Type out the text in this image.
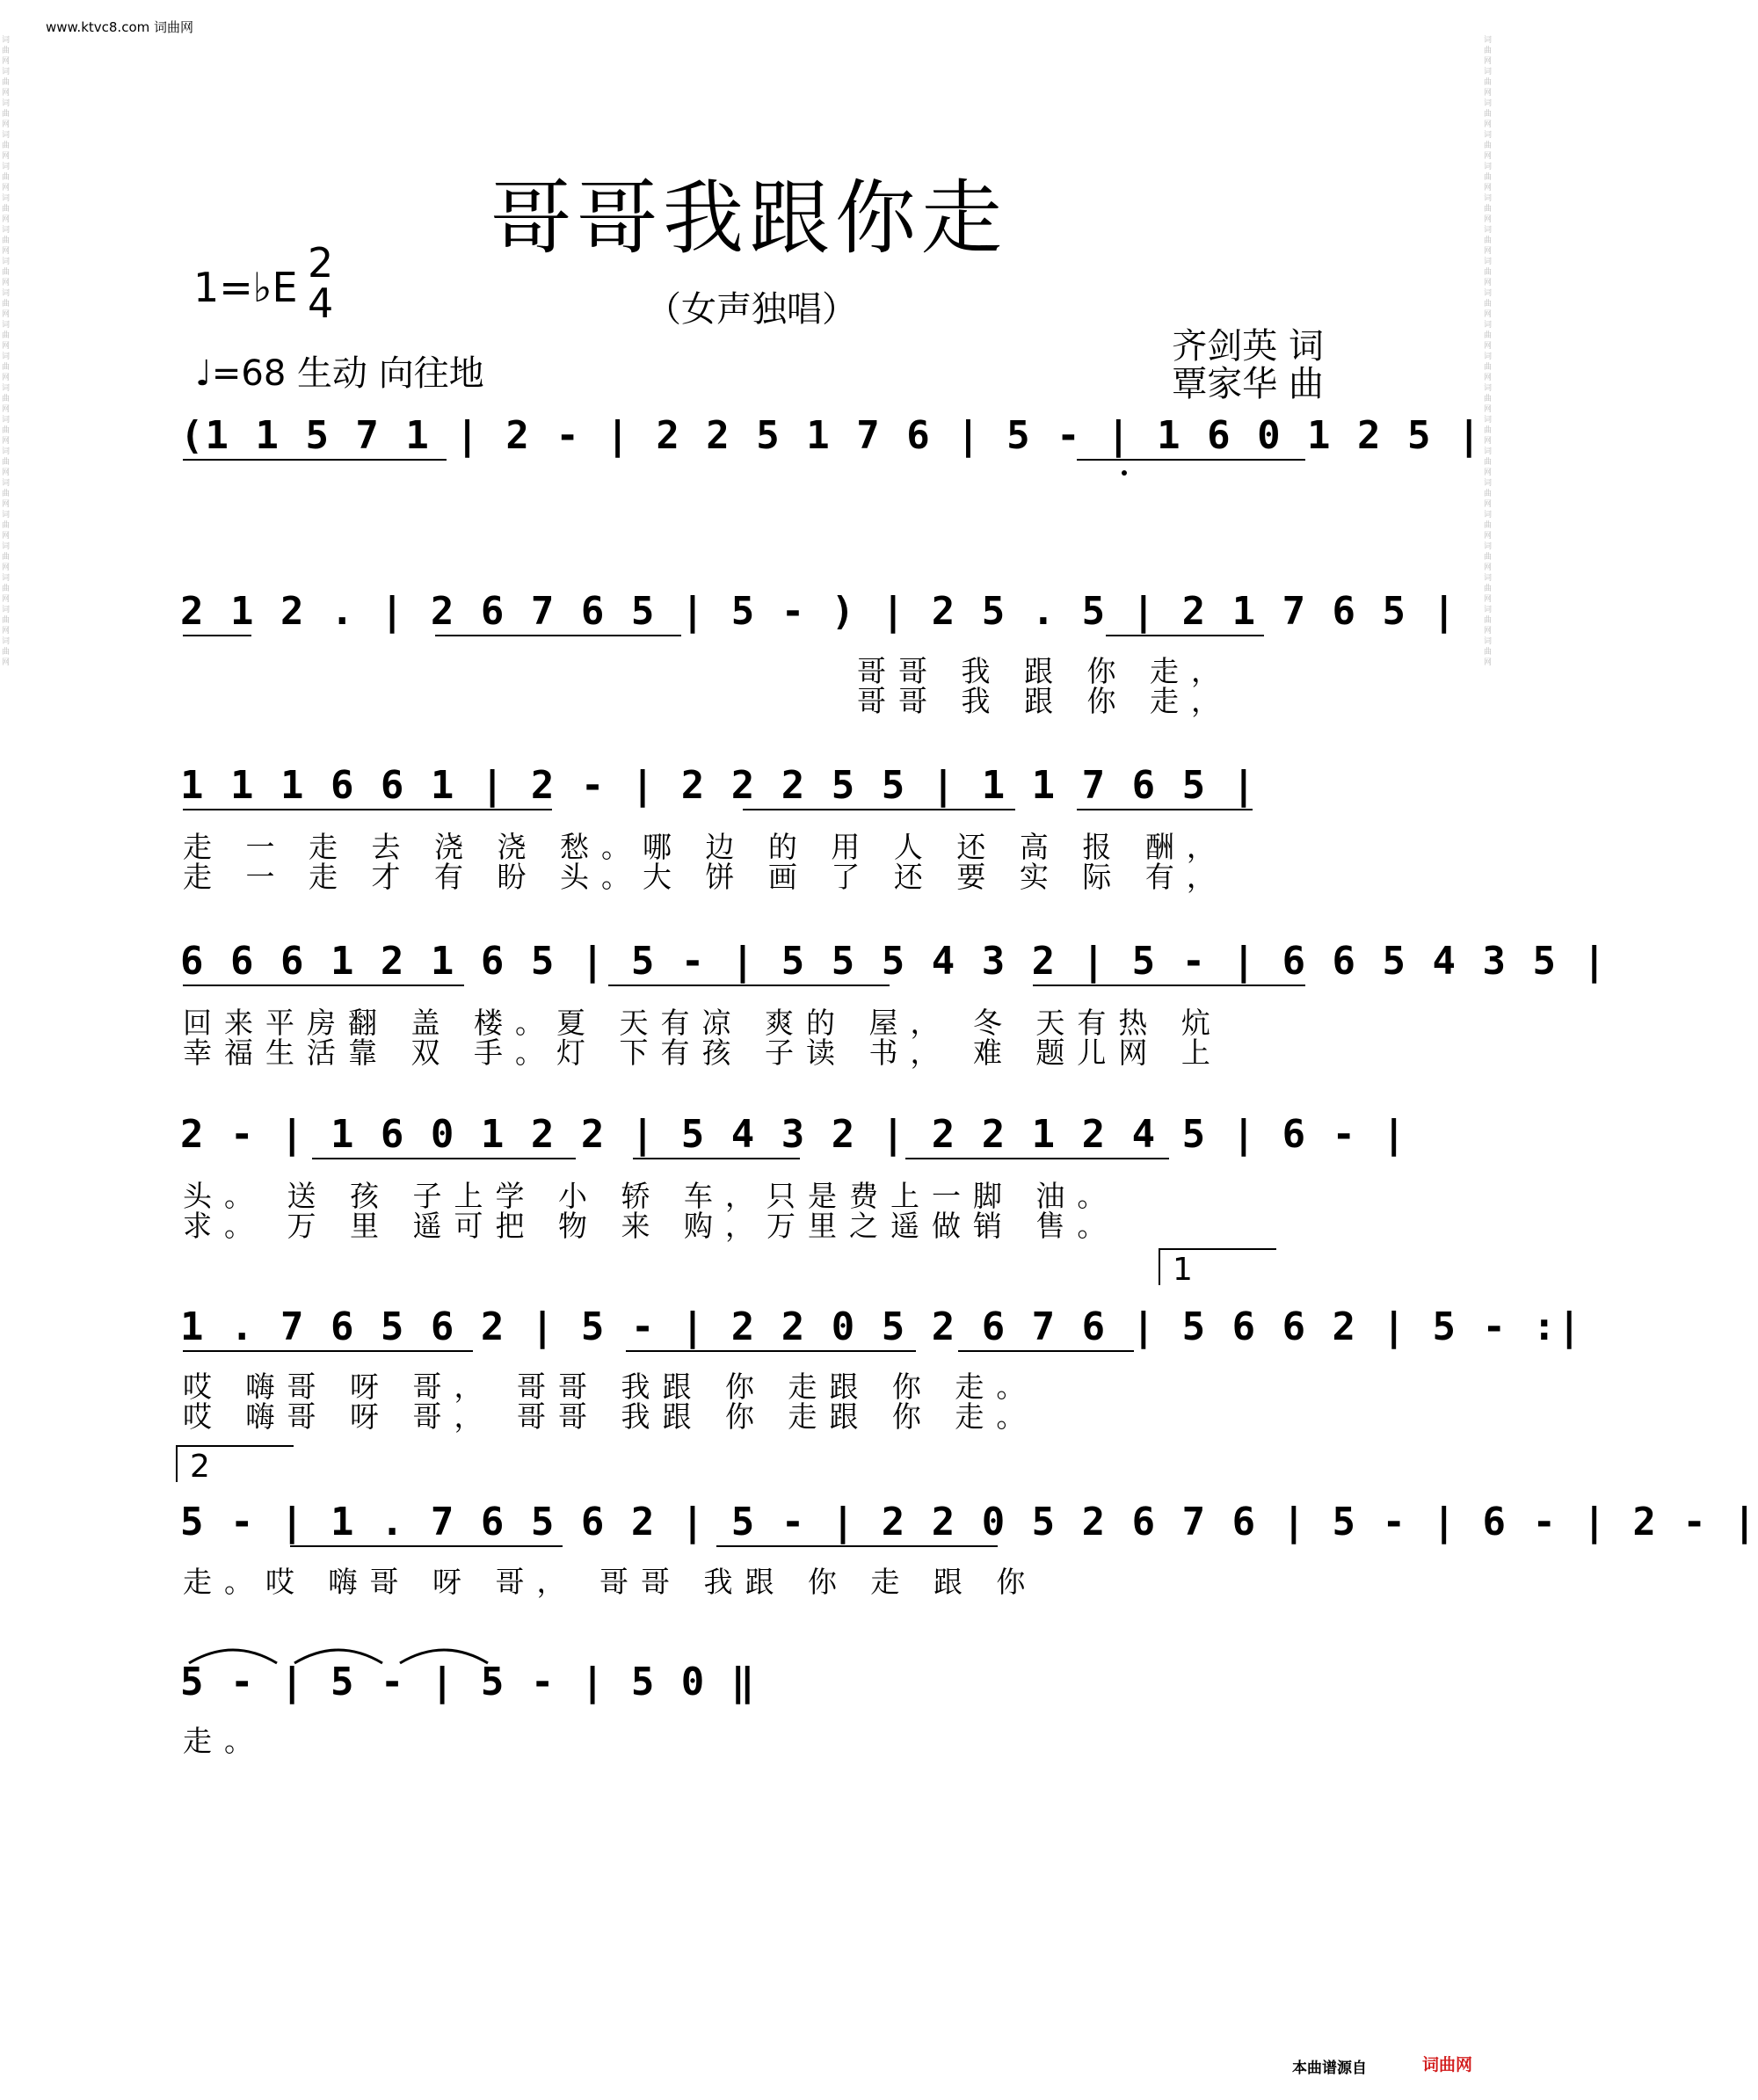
www.ktvc8.com 词曲网
词曲网词曲网词曲网词曲网词曲网词曲网词曲网词曲网词曲网词曲网词曲网词曲网词曲网词曲网词曲网词曲网词曲网词曲网词曲网词曲网
词曲网词曲网词曲网词曲网词曲网词曲网词曲网词曲网词曲网词曲网词曲网词曲网词曲网词曲网词曲网词曲网词曲网词曲网词曲网词曲网
哥哥我跟你走
1=♭E
2
4	（女声独唱）
♩=68 生动 向往地
齐剑英 词
覃家华 曲
(1 1 5 7 1 | 2 - | 2 2 5 1 7 6 | 5 - | 1 6 0 1 2 5 |
2 1 2 . | 2 6 7 6 5 | 5 - ) | 2 5 . 5 | 2 1 7 6 5 |
哥哥 我 跟 你 走，
哥哥 我 跟 你 走，
1 1 1 6 6 1 | 2 - | 2 2 2 5 5 | 1 1 7 6 5 |
走 一 走 去 浇 浇 愁。哪 边 的 用 人 还 高 报 酬，
走 一 走 才 有 盼 头。大 饼 画 了 还 要 实 际 有，
6 6 6 1 2 1 6 5 | 5 - | 5 5 5 4 3 2 | 5 - | 6 6 5 4 3 5 |
回来平房翻 盖 楼。夏 天有凉 爽的 屋， 冬 天有热 炕
幸福生活靠 双 手。灯 下有孩 子读 书， 难 题儿网 上
2 - | 1 6 0 1 2 2 | 5 4 3 2 | 2 2 1 2 4 5 | 6 - |
头。 送 孩 子上学 小 轿 车，只是费上一脚 油。
求。 万 里 遥可把 物 来 购，万里之遥做销 售。
1
1 . 7 6 5 6 2 | 5 - | 2 2 0 5 2 6 7 6 | 5 6 6 2 | 5 - :|
哎 嗨哥 呀 哥， 哥哥 我跟 你 走跟 你 走。
哎 嗨哥 呀 哥， 哥哥 我跟 你 走跟 你 走。
2
5 - | 1 . 7 6 5 6 2 | 5 - | 2 2 0 5 2 6 7 6 | 5 - | 6 - | 2 - |
走。哎 嗨哥 呀 哥， 哥哥 我跟 你 走 跟 你
5 - | 5 - | 5 - | 5 0 ‖
走。
本曲谱源自	词曲网
